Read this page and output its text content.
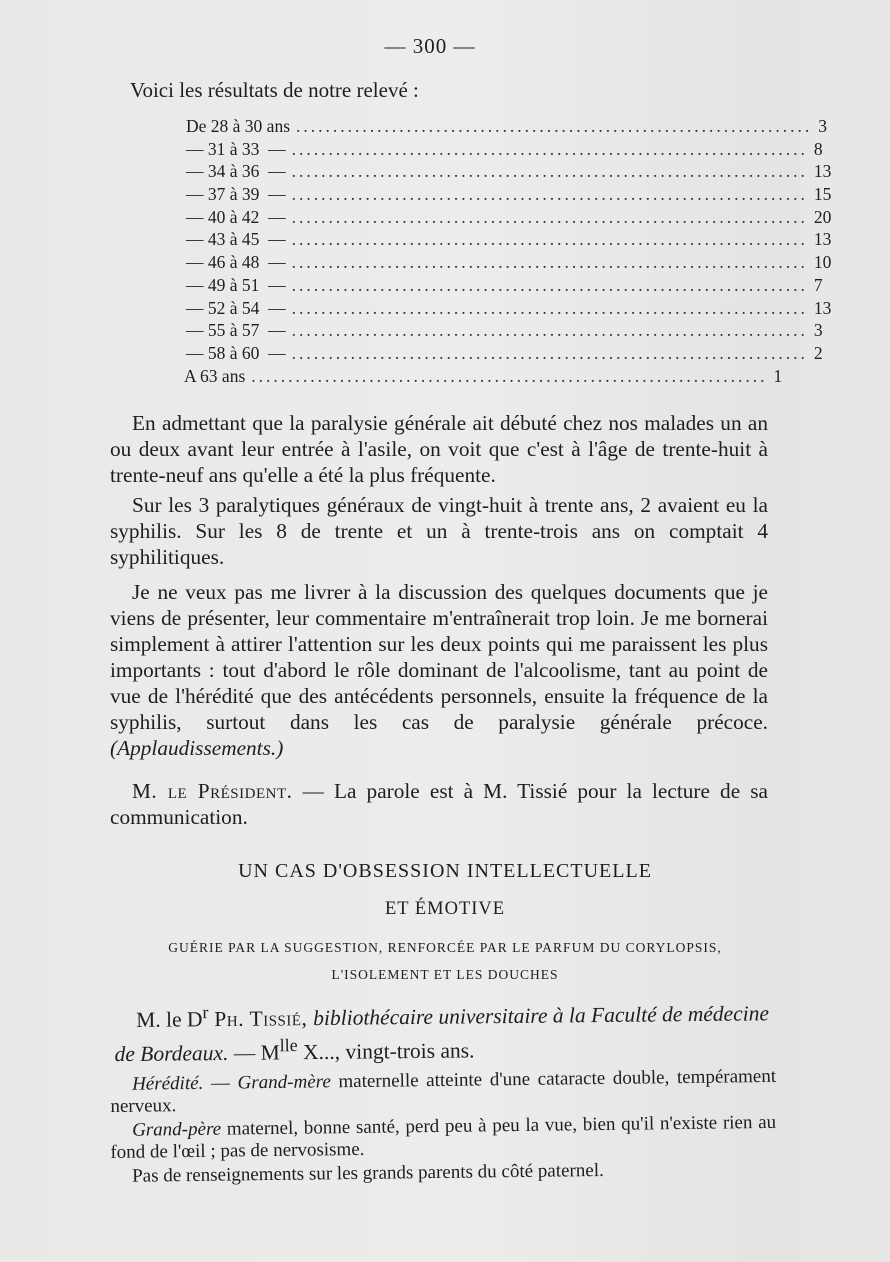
— 300 —
Voici les résultats de notre relevé :
De 28 à 30 ans ...................................................................... 3
— 31 à 33  — ...................................................................... 8
— 34 à 36  — ...................................................................... 13
— 37 à 39  — ...................................................................... 15
— 40 à 42  — ...................................................................... 20
— 43 à 45  — ...................................................................... 13
— 46 à 48  — ...................................................................... 10
— 49 à 51  — ...................................................................... 7
— 52 à 54  — ...................................................................... 13
— 55 à 57  — ...................................................................... 3
— 58 à 60  — ...................................................................... 2
A 63 ans ...................................................................... 1

En admettant que la paralysie générale ait débuté chez nos malades un an ou deux avant leur entrée à l'asile, on voit que c'est à l'âge de trente-huit à trente-neuf ans qu'elle a été la plus fréquente.

Sur les 3 paralytiques généraux de vingt-huit à trente ans, 2 avaient eu la syphilis. Sur les 8 de trente et un à trente-trois ans on comptait 4 syphilitiques.

Je ne veux pas me livrer à la discussion des quelques documents que je viens de présenter, leur commentaire m'entraînerait trop loin. Je me bornerai simplement à attirer l'attention sur les deux points qui me paraissent les plus importants : tout d'abord le rôle dominant de l'alcoolisme, tant au point de vue de l'hérédité que des antécédents personnels, ensuite la fréquence de la syphilis, surtout dans les cas de paralysie générale précoce. (Applaudissements.)

M. le Président. — La parole est à M. Tissié pour la lecture de sa communication.

UN CAS D'OBSESSION INTELLECTUELLE
ET ÉMOTIVE
GUÉRIE PAR LA SUGGESTION, RENFORCÉE PAR LE PARFUM DU CORYLOPSIS,
L'ISOLEMENT ET LES DOUCHES
M. le $D^r$ Ph. Tissié, bibliothécaire universitaire à la Faculté de médecine de Bordeaux. — $M^{lle}$ X..., vingt-trois ans.

Hérédité. — Grand-mère maternelle atteinte d'une cataracte double, tempérament nerveux.

Grand-père maternel, bonne santé, perd peu à peu la vue, bien qu'il n'existe rien au fond de l'œil ; pas de nervosisme.

Pas de renseignements sur les grands parents du côté paternel.
